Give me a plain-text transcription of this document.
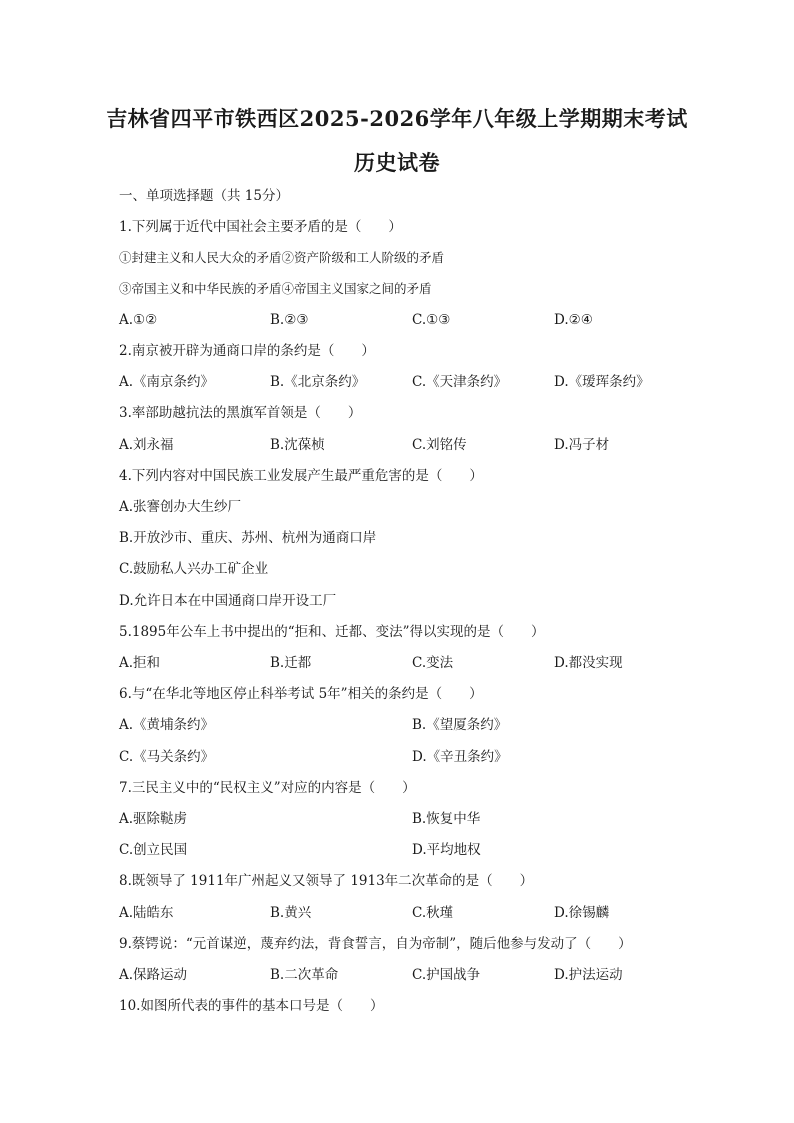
吉林省四平市铁西区2025-2026学年八年级上学期期末考试
历史试卷
一、单项选择题（共 15分）
1.下列属于近代中国社会主要矛盾的是（　　）
①封建主义和人民大众的矛盾②资产阶级和工人阶级的矛盾
③帝国主义和中华民族的矛盾④帝国主义国家之间的矛盾
A.①②	B.②③	C.①③	D.②④
2.南京被开辟为通商口岸的条约是（　　）
A.《南京条约》	B.《北京条约》	C.《天津条约》	D.《瑷珲条约》
3.率部助越抗法的黑旗军首领是（　　）
A.刘永福	B.沈葆桢	C.刘铭传	D.冯子材
4.下列内容对中国民族工业发展产生最严重危害的是（　　）
A.张謇创办大生纱厂
B.开放沙市、重庆、苏州、杭州为通商口岸
C.鼓励私人兴办工矿企业
D.允许日本在中国通商口岸开设工厂
5.1895年公车上书中提出的“拒和、迁都、变法”得以实现的是（　　）
A.拒和	B.迁都	C.变法	D.都没实现
6.与“在华北等地区停止科举考试 5年”相关的条约是（　　）
A.《黄埔条约》	B.《望厦条约》
C.《马关条约》	D.《辛丑条约》
7.三民主义中的“民权主义”对应的内容是（　　）
A.驱除鞑虏	B.恢复中华
C.创立民国	D.平均地权
8.既领导了 1911年广州起义又领导了 1913年二次革命的是（　　）
A.陆皓东	B.黄兴	C.秋瑾	D.徐锡麟
9.蔡锷说：“元首谋逆，蔑弃约法，背食誓言，自为帝制”，随后他参与发动了（　　）
A.保路运动	B.二次革命	C.护国战争	D.护法运动
10.如图所代表的事件的基本口号是（　　）
